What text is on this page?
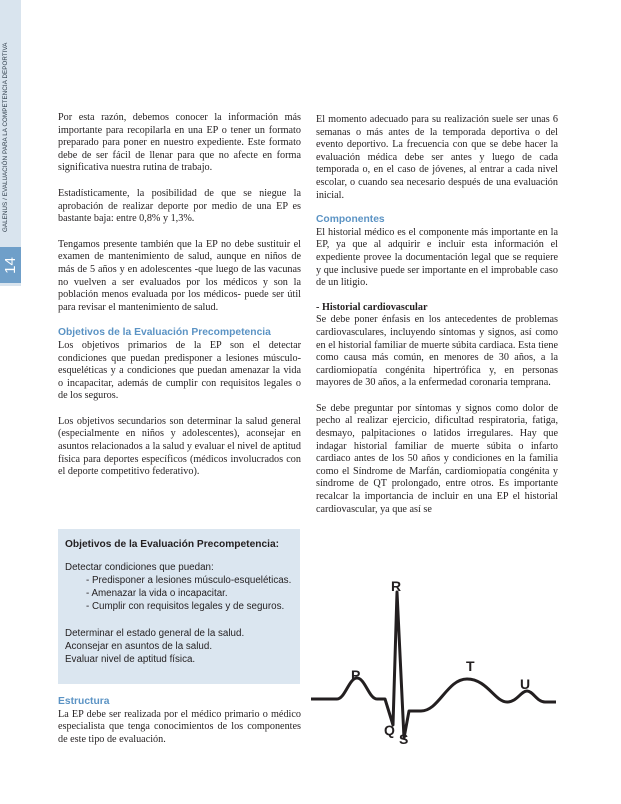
GALENUS / EVALUACIÓN PARA LA COMPETENCIA DEPORTIVA
14

Por esta razón, debemos conocer la información más importante para recopilarla en una EP o tener un formato preparado para poner en nuestro expediente. Este formato debe de ser fácil de llenar para que no afecte en forma significativa nuestra rutina de trabajo.

Estadísticamente, la posibilidad de que se niegue la aprobación de realizar deporte por medio de una EP es bastante baja: entre 0,8% y 1,3%.

Tengamos presente también que la EP no debe sustituir el examen de mantenimiento de salud, aunque en niños de más de 5 años y en adolescentes -que luego de las vacunas no vuelven a ser evaluados por los médicos y son la población menos evaluada por los médicos- puede ser útil para revisar el mantenimiento de salud.

Objetivos de la Evaluación Precompetencia

Los objetivos primarios de la EP son el detectar condiciones que puedan predisponer a lesiones músculo-esqueléticas y a condiciones que puedan amenazar la vida o incapacitar, además de cumplir con requisitos legales o de los seguros.

Los objetivos secundarios son determinar la salud general (especialmente en niños y adolescentes), aconsejar en asuntos relacionados a la salud y evaluar el nivel de aptitud física para deportes específicos (médicos involucrados con el deporte competitivo federativo).

Objetivos de la Evaluación Precompetencia:
Detectar condiciones que puedan:
- Predisponer a lesiones músculo-esqueléticas.
- Amenazar la vida o incapacitar.
- Cumplir con requisitos legales y de seguros.
Determinar el estado general de la salud.
Aconsejar en asuntos de la salud.
Evaluar nivel de aptitud física.

Estructura

La EP debe ser realizada por el médico primario o médico especialista que tenga conocimientos de los componentes de este tipo de evaluación.

El momento adecuado para su realización suele ser unas 6 semanas o más antes de la temporada deportiva o del evento deportivo. La frecuencia con que se debe hacer la evaluación médica debe ser antes y luego de cada temporada o, en el caso de jóvenes, al entrar a cada nivel escolar, o cuando sea necesario después de una evaluación inicial.

Componentes

El historial médico es el componente más importante en la EP, ya que al adquirir e incluir esta información el expediente provee la documentación legal que se requiere y que inclusive puede ser importante en el improbable caso de un litigio.

- Historial cardiovascular

Se debe poner énfasis en los antecedentes de problemas cardiovasculares, incluyendo síntomas y signos, así como en el historial familiar de muerte súbita cardiaca. Esta tiene como causa más común, en menores de 30 años, a la cardiomiopatía congénita hipertrófica y, en personas mayores de 30 años, a la enfermedad coronaria temprana.

Se debe preguntar por síntomas y signos como dolor de pecho al realizar ejercicio, dificultad respiratoria, fatiga, desmayo, palpitaciones o latidos irregulares. Hay que indagar historial familiar de muerte súbita o infarto cardiaco antes de los 50 años y condiciones en la familia como el Síndrome de Marfán, cardiomiopatía congénita y síndrome de QT prolongado, entre otros. Es importante recalcar la importancia de incluir en una EP el historial cardiovascular, ya que así se

P
R
Q
S
T
U
